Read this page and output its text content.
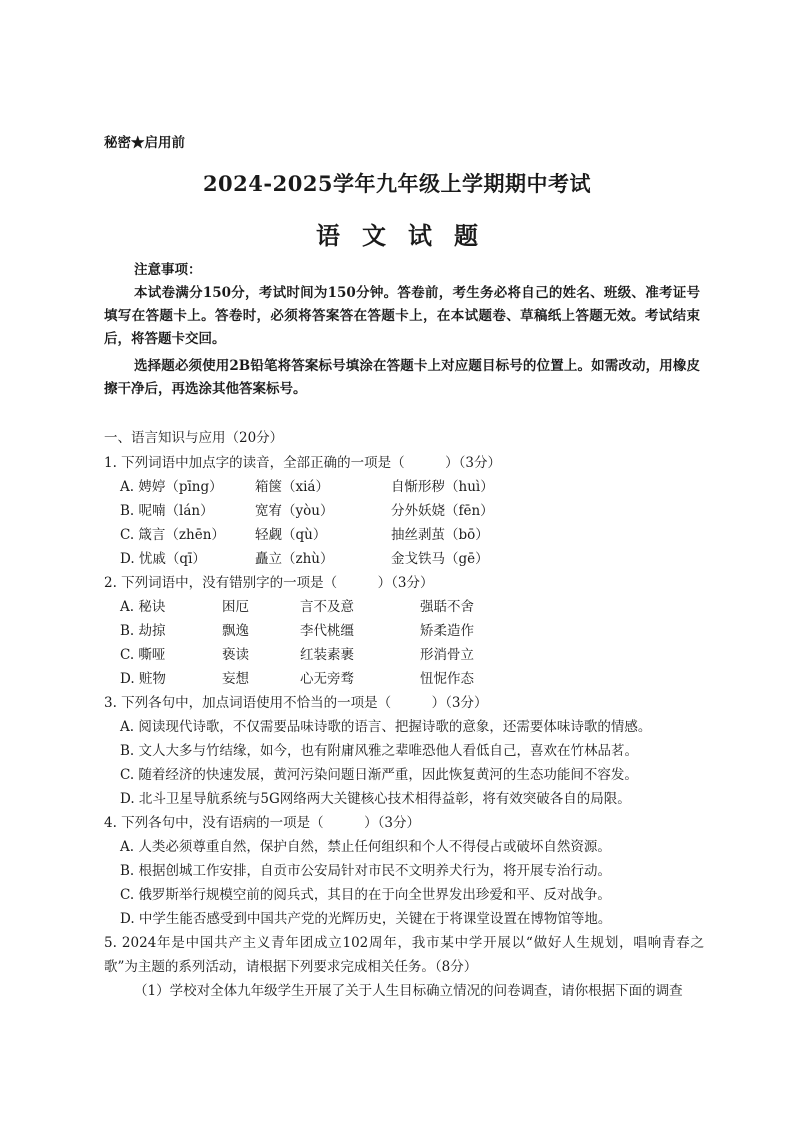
秘密★启用前
2024-2025学年九年级上学期期中考试
语文试题
注意事项：
本试卷满分150分，考试时间为150分钟。答卷前，考生务必将自己的姓名、班级、准考证号填写在答题卡上。答卷时，必须将答案答在答题卡上，在本试题卷、草稿纸上答题无效。考试结束后，将答题卡交回。
选择题必须使用2B铅笔将答案标号填涂在答题卡上对应题目标号的位置上。如需改动，用橡皮擦干净后，再选涂其他答案标号。
一、语言知识与应用（20分）
1. 下列词语中加点字的读音，全部正确的一项是（　　　）（3分）
A. 娉婷（pīng）	箱箧（xiá）	自惭形秽（huì）
B. 呢喃（lán）	宽宥（yòu）	分外妖娆（fēn）
C. 箴言（zhēn）	轻觑（qù）	抽丝剥茧（bō）
D. 忧戚（qī）	矗立（zhù）	金戈铁马（gē）
2. 下列词语中，没有错别字的一项是（　　　）（3分）
A. 秘诀	困厄	言不及意	强聒不舍
B. 劫掠	飘逸	李代桃缰	矫柔造作
C. 嘶哑	亵读	红装素裹	形消骨立
D. 赃物	妄想	心无旁骛	忸怩作态
3. 下列各句中，加点词语使用不恰当的一项是（　　　）（3分）
A. 阅读现代诗歌，不仅需要品味诗歌的语言、把握诗歌的意象，还需要体味诗歌的情感。
B. 文人大多与竹结缘，如今，也有附庸风雅之辈唯恐他人看低自己，喜欢在竹林品茗。
C. 随着经济的快速发展，黄河污染问题日渐严重，因此恢复黄河的生态功能间不容发。
D. 北斗卫星导航系统与5G网络两大关键核心技术相得益彰，将有效突破各自的局限。
4. 下列各句中，没有语病的一项是（　　　）（3分）
A. 人类必须尊重自然，保护自然，禁止任何组织和个人不得侵占或破坏自然资源。
B. 根据创城工作安排，自贡市公安局针对市民不文明养犬行为，将开展专治行动。
C. 俄罗斯举行规模空前的阅兵式，其目的在于向全世界发出珍爱和平、反对战争。
D. 中学生能否感受到中国共产党的光辉历史，关键在于将课堂设置在博物馆等地。
5. 2024年是中国共产主义青年团成立102周年，我市某中学开展以“做好人生规划，唱响青春之歌”为主题的系列活动，请根据下列要求完成相关任务。（8分）
（1）学校对全体九年级学生开展了关于人生目标确立情况的问卷调查，请你根据下面的调查
